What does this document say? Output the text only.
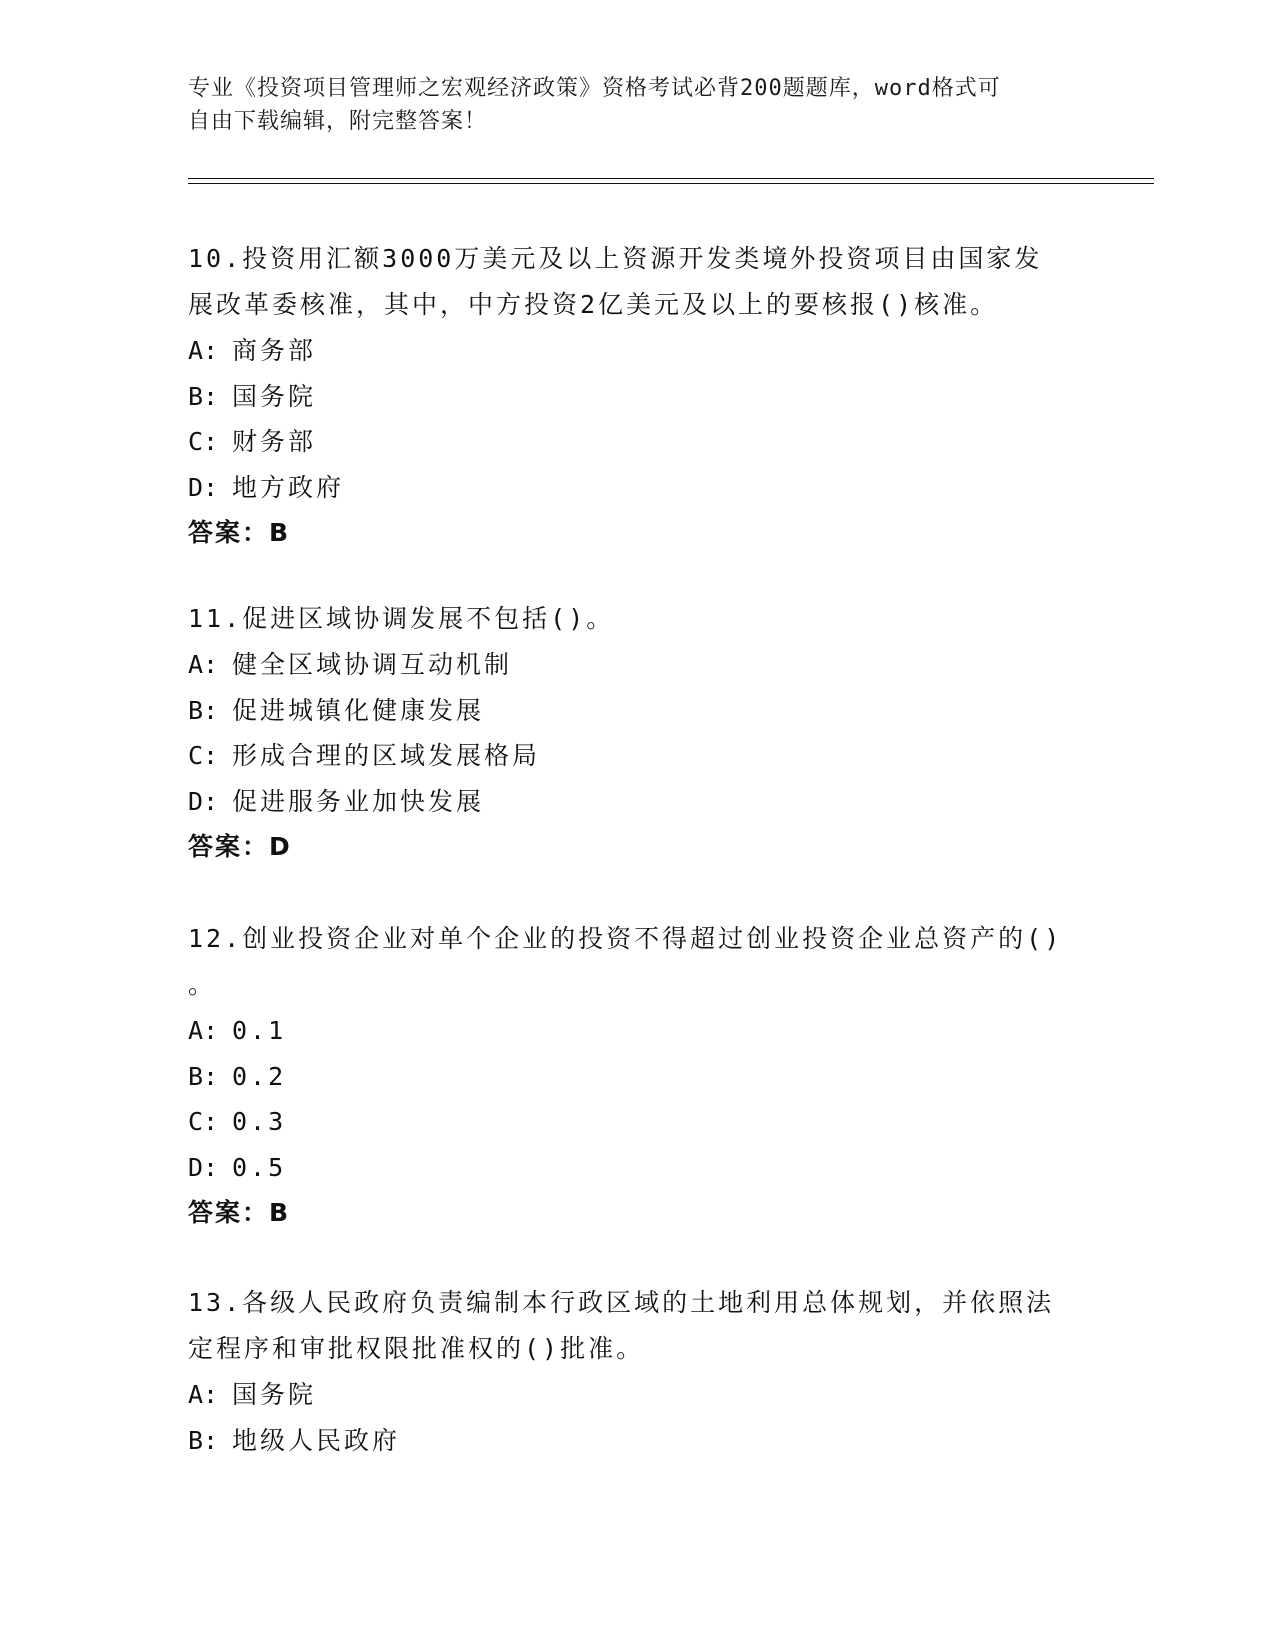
专业《投资项目管理师之宏观经济政策》资格考试必背200题题库，word格式可
自由下载编辑，附完整答案！

10.投资用汇额3000万美元及以上资源开发类境外投资项目由国家发

展改革委核准，其中，中方投资2亿美元及以上的要核报()核准。

A: 商务部

B: 国务院

C: 财务部

D: 地方政府

答案：B

11.促进区域协调发展不包括()。

A: 健全区域协调互动机制

B: 促进城镇化健康发展

C: 形成合理的区域发展格局

D: 促进服务业加快发展

答案：D

12.创业投资企业对单个企业的投资不得超过创业投资企业总资产的()

。

A: 0.1

B: 0.2

C: 0.3

D: 0.5

答案：B

13.各级人民政府负责编制本行政区域的土地利用总体规划，并依照法

定程序和审批权限批准权的()批准。

A: 国务院

B: 地级人民政府
